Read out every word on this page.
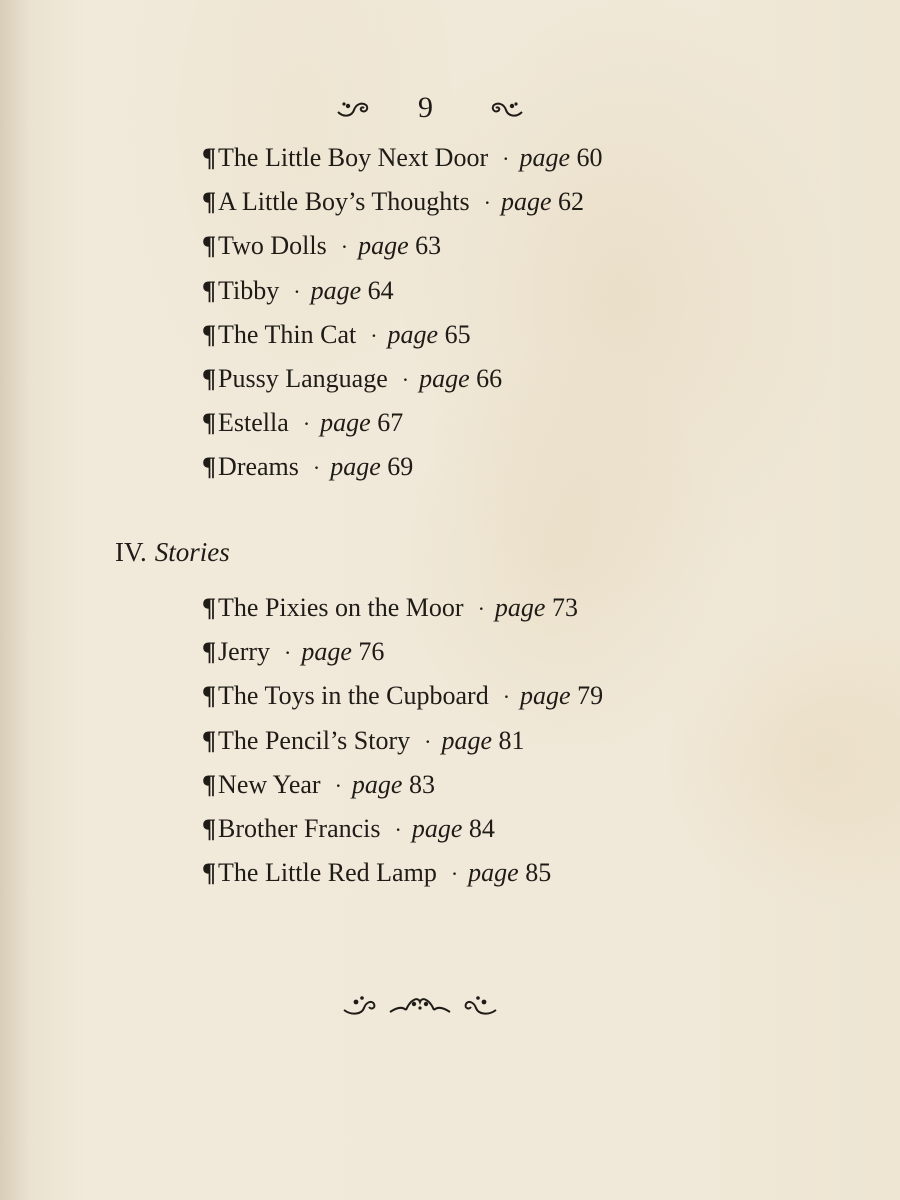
9
¶The Little Boy Next Door · page 60
¶A Little Boy’s Thoughts · page 62
¶Two Dolls · page 63
¶Tibby · page 64
¶The Thin Cat · page 65
¶Pussy Language · page 66
¶Estella · page 67
¶Dreams · page 69
IV. Stories
¶The Pixies on the Moor · page 73
¶Jerry · page 76
¶The Toys in the Cupboard · page 79
¶The Pencil’s Story · page 81
¶New Year · page 83
¶Brother Francis · page 84
¶The Little Red Lamp · page 85
